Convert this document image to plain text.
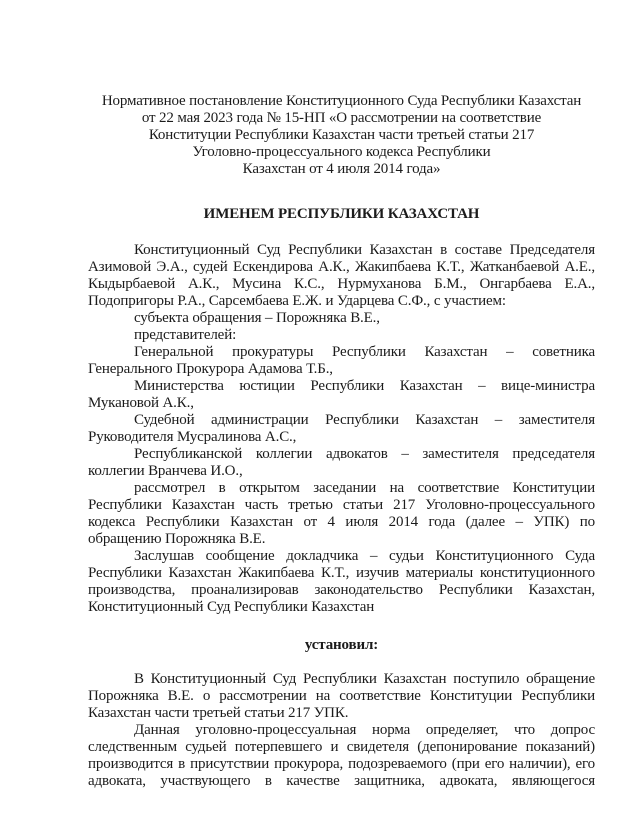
Нормативное постановление Конституционного Суда Республики Казахстан
от 22 мая 2023 года № 15-НП «О рассмотрении на соответствие
Конституции Республики Казахстан части третьей статьи 217
Уголовно-процессуального кодекса Республики
Казахстан от 4 июля 2014 года»
ИМЕНЕМ РЕСПУБЛИКИ КАЗАХСТАН

Конституционный Суд Республики Казахстан в составе Председателя Азимовой Э.А., судей Ескендирова А.К., Жакипбаева К.Т., Жатканбаевой А.Е., Кыдырбаевой А.К., Мусина К.С., Нурмуханова Б.М., Онгарбаева Е.А., Подопригоры Р.А., Сарсембаева Е.Ж. и Ударцева С.Ф., с участием:

субъекта обращения – Порожняка В.Е.,

представителей:

Генеральной прокуратуры Республики Казахстан – советника Генерального Прокурора Адамова Т.Б.,

Министерства юстиции Республики Казахстан – вице-министра Мукановой А.К.,

Судебной администрации Республики Казахстан – заместителя Руководителя Мусралинова А.С.,

Республиканской коллегии адвокатов – заместителя председателя коллегии Вранчева И.О.,

рассмотрел в открытом заседании на соответствие Конституции Республики Казахстан часть третью статьи 217 Уголовно-процессуального кодекса Республики Казахстан от 4 июля 2014 года (далее – УПК) по обращению Порожняка В.Е.

Заслушав сообщение докладчика – судьи Конституционного Суда Республики Казахстан Жакипбаева К.Т., изучив материалы конституционного производства, проанализировав законодательство Республики Казахстан, Конституционный Суд Республики Казахстан

установил:

В Конституционный Суд Республики Казахстан поступило обращение Порожняка В.Е. о рассмотрении на соответствие Конституции Республики Казахстан части третьей статьи 217 УПК.

Данная уголовно-процессуальная норма определяет, что допрос следственным судьей потерпевшего и свидетеля (депонирование показаний) производится в присутствии прокурора, подозреваемого (при его наличии), его адвоката, участвующего в качестве защитника, адвоката, являющегося
